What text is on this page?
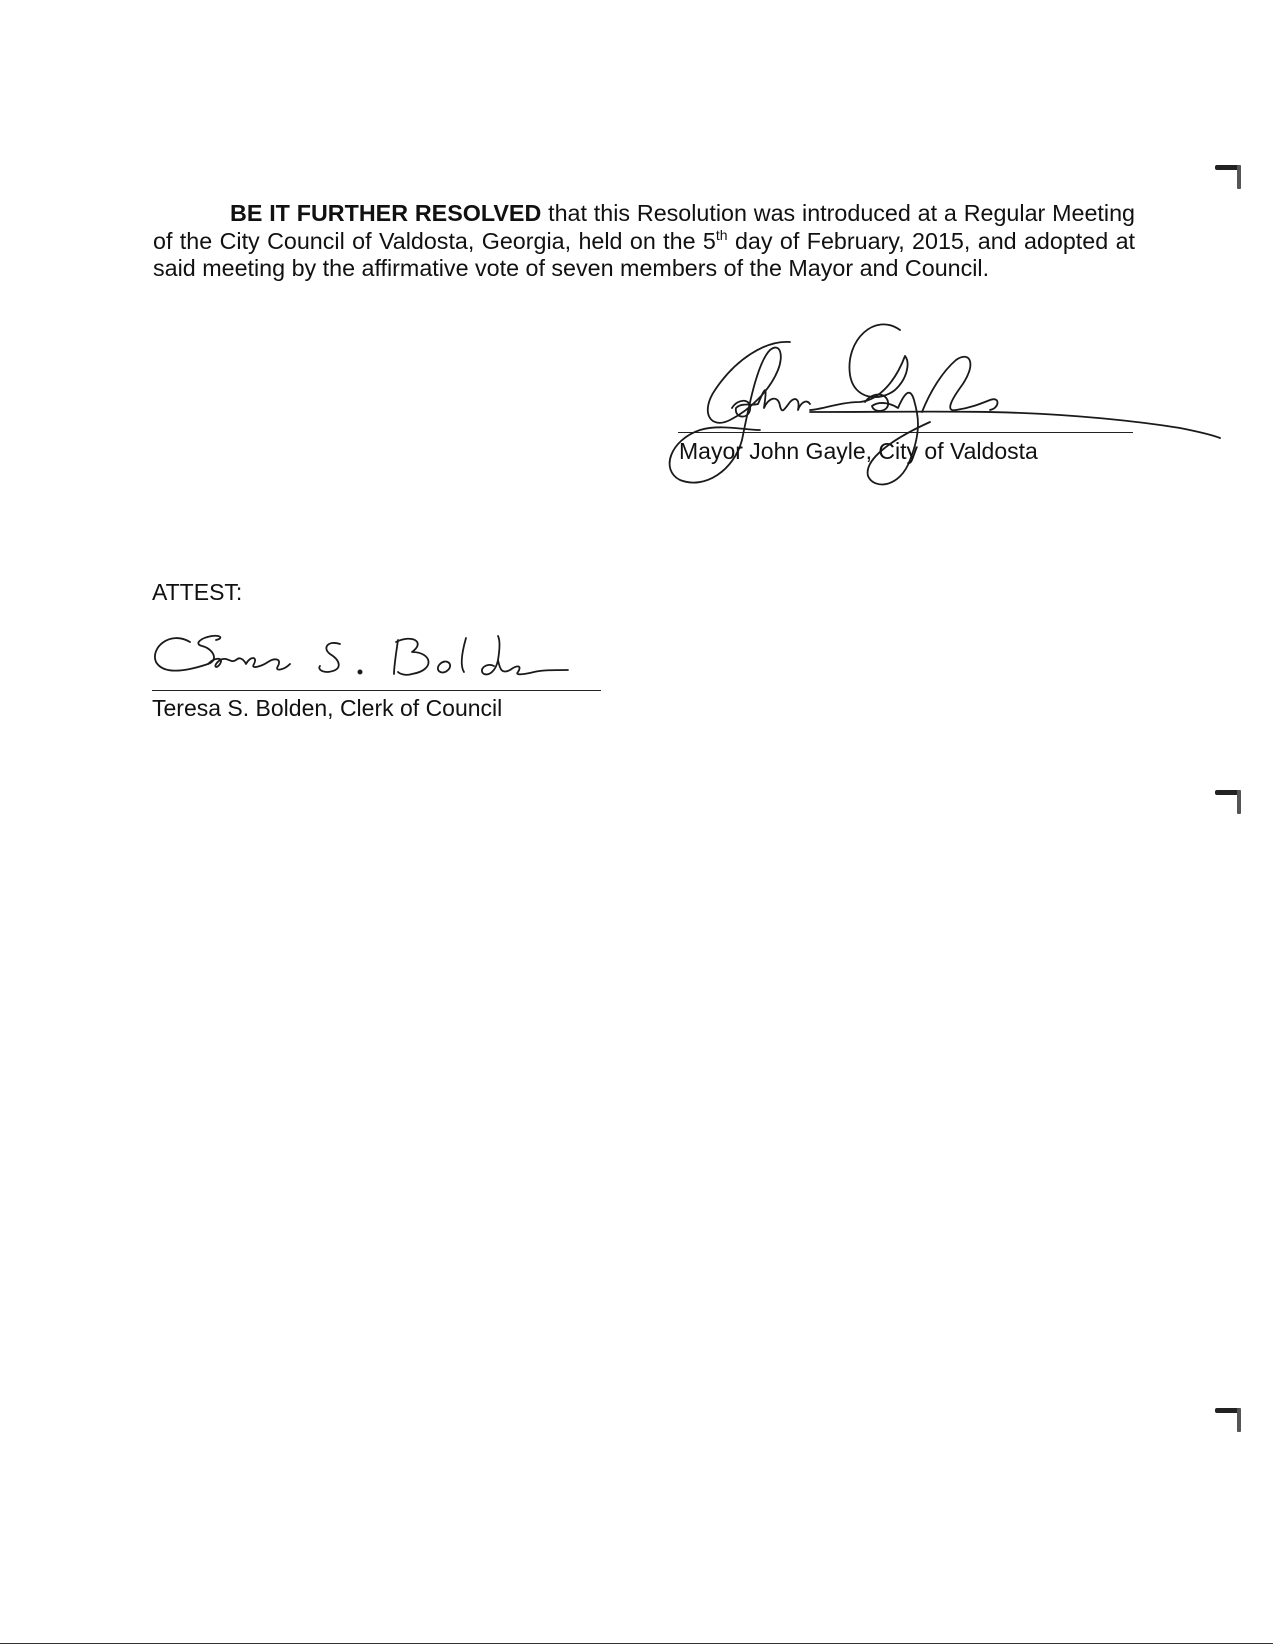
BE IT FURTHER RESOLVED that this Resolution was introduced at a Regular Meeting of the City Council of Valdosta, Georgia, held on the 5th day of February, 2015, and adopted at said meeting by the affirmative vote of seven members of the Mayor and Council.

Mayor John Gayle, City of Valdosta
ATTEST:
Teresa S. Bolden, Clerk of Council
